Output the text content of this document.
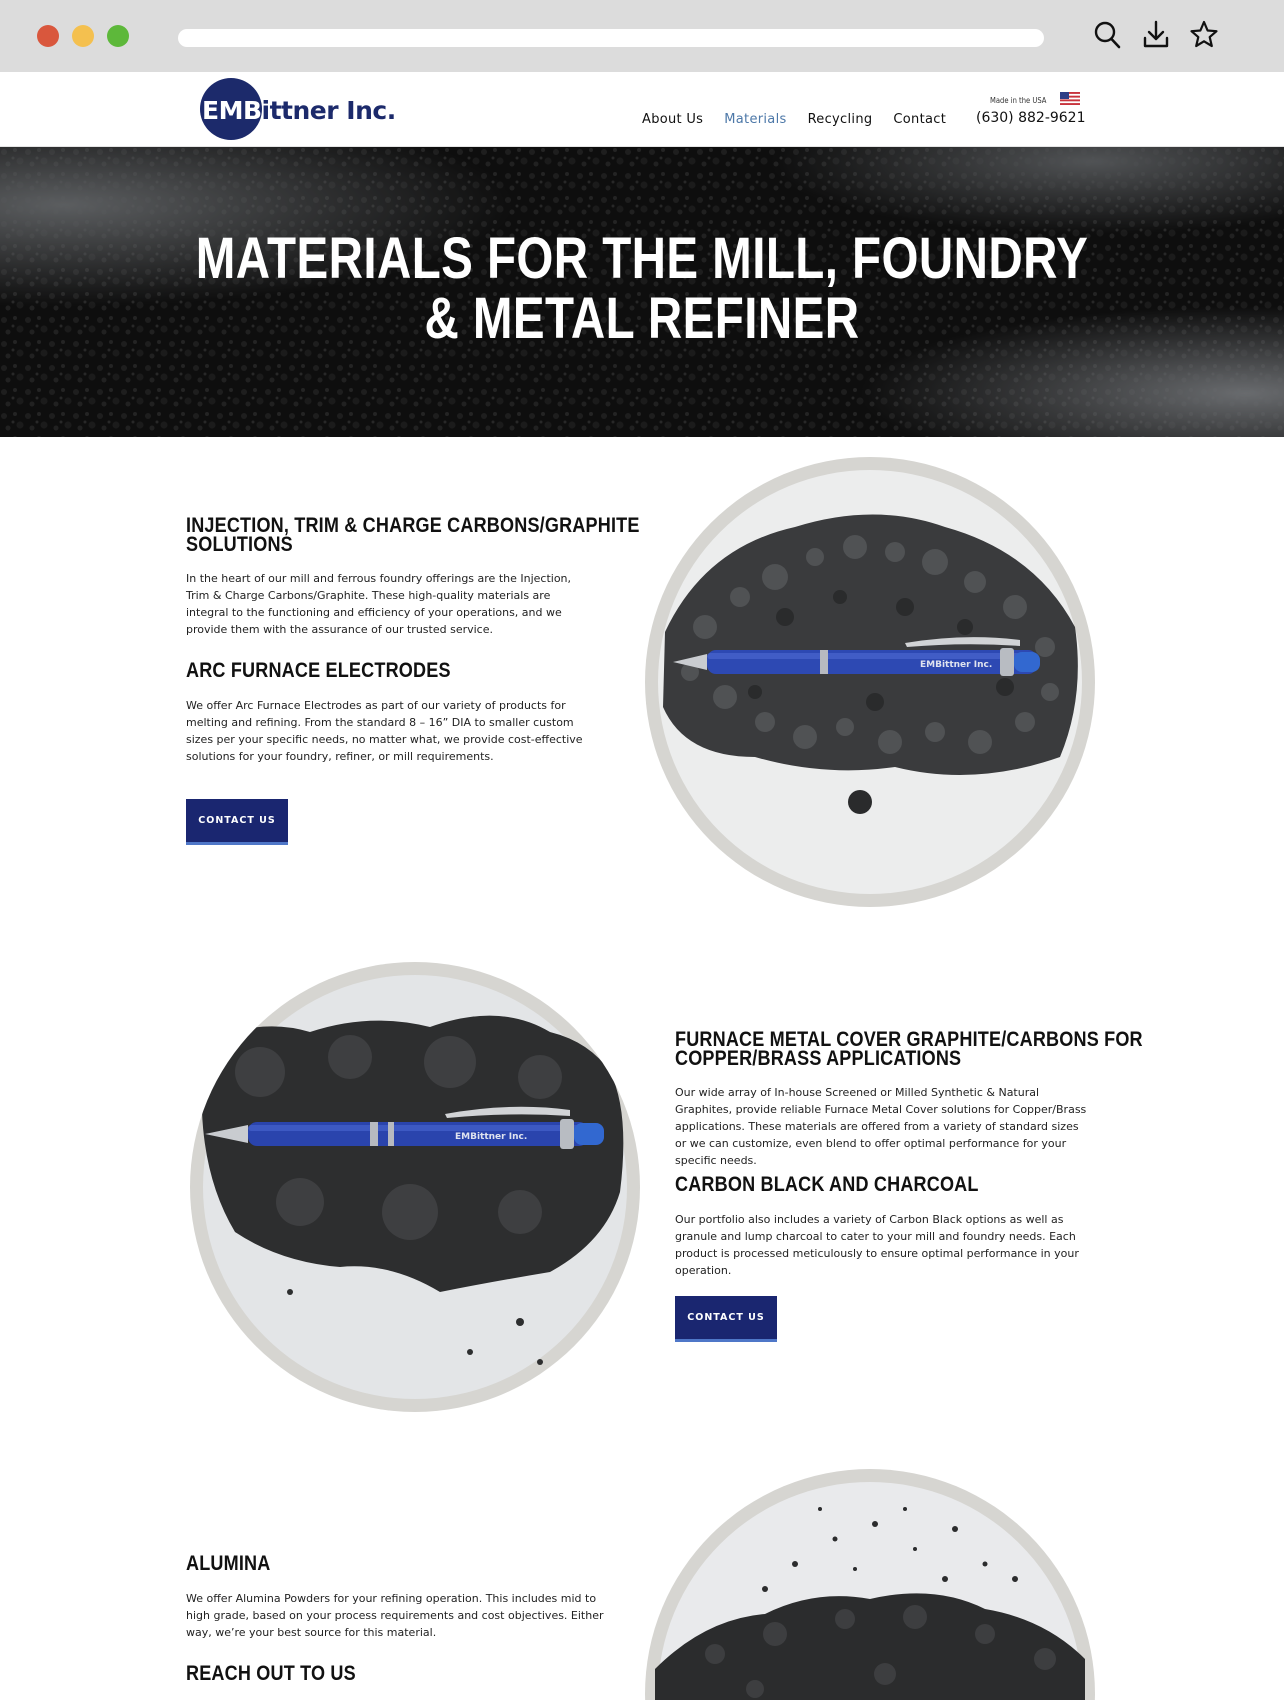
EMBittner Inc.	About Us Materials Recycling Contact
Made in the USA
(630) 882-9621
MATERIALS FOR THE MILL, FOUNDRY
& METAL REFINER
INJECTION, TRIM & CHARGE CARBONS/GRAPHITE
SOLUTIONS

In the heart of our mill and ferrous foundry offerings are the Injection, Trim & Charge Carbons/Graphite. These high-quality materials are integral to the functioning and efficiency of your operations, and we provide them with the assurance of our trusted service.

ARC FURNACE ELECTRODES

We offer Arc Furnace Electrodes as part of our variety of products for melting and refining. From the standard 8 – 16” DIA to smaller custom sizes per your specific needs, no matter what, we provide cost-effective solutions for your foundry, refiner, or mill requirements.

CONTACT US
EMBittner Inc.
EMBittner Inc.
FURNACE METAL COVER GRAPHITE/CARBONS FOR
COPPER/BRASS APPLICATIONS

Our wide array of In-house Screened or Milled Synthetic & Natural Graphites, provide reliable Furnace Metal Cover solutions for Copper/Brass applications. These materials are offered from a variety of standard sizes or we can customize, even blend to offer optimal performance for your specific needs.

CARBON BLACK AND CHARCOAL

Our portfolio also includes a variety of Carbon Black options as well as granule and lump charcoal to cater to your mill and foundry needs. Each product is processed meticulously to ensure optimal performance in your operation.

CONTACT US
ALUMINA

We offer Alumina Powders for your refining operation. This includes mid to high grade, based on your process requirements and cost objectives. Either way, we’re your best source for this material.

REACH OUT TO US
